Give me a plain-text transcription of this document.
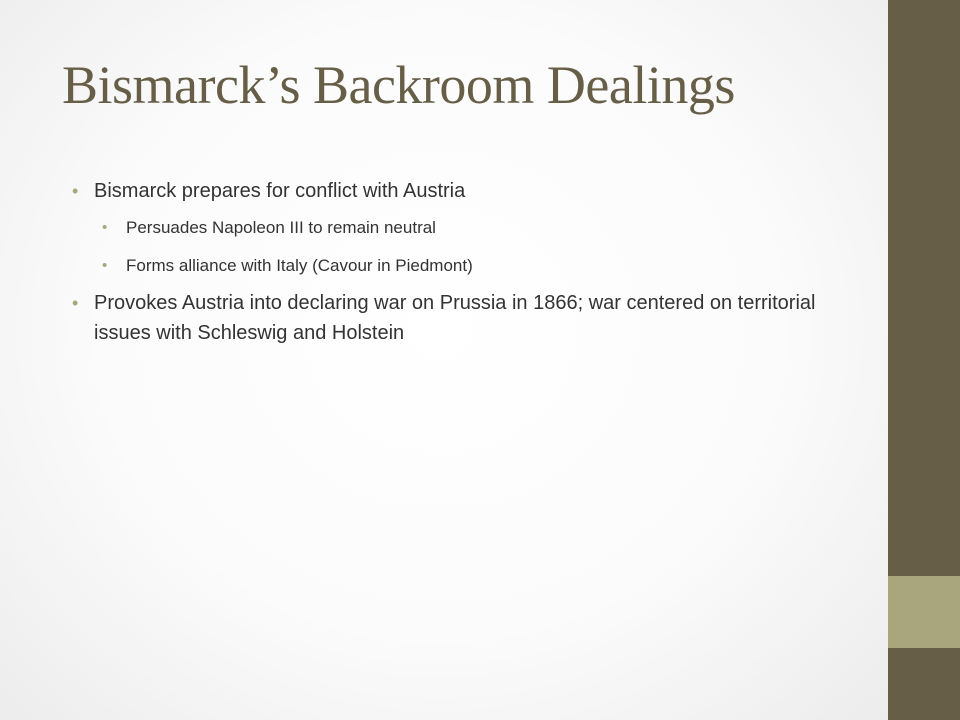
Bismarck’s Backroom Dealings
• Bismarck prepares for conflict with Austria
• Persuades Napoleon III to remain neutral
• Forms alliance with Italy (Cavour in Piedmont)
• Provokes Austria into declaring war on Prussia in 1866; war centered on territorial issues with Schleswig and Holstein
